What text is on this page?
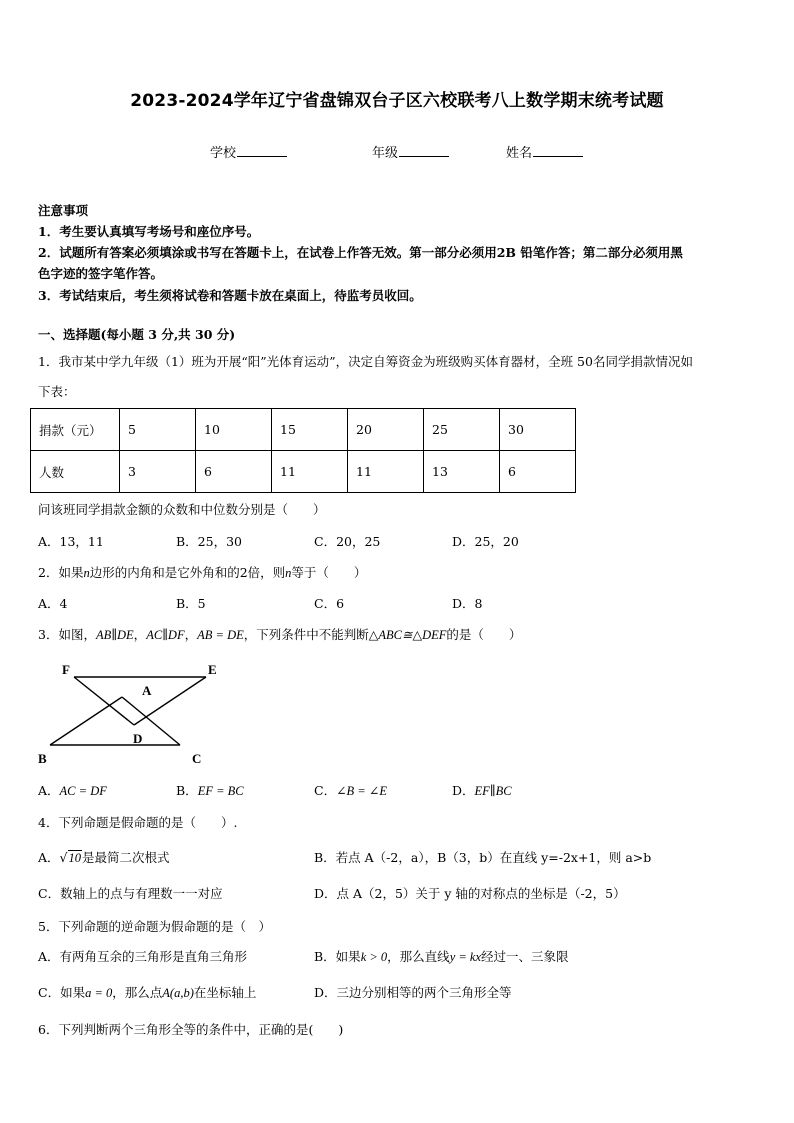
2023-2024学年辽宁省盘锦双台子区六校联考八上数学期末统考试题
学校	年级	姓名
注意事项
1．考生要认真填写考场号和座位序号。
2．试题所有答案必须填涂或书写在答题卡上，在试卷上作答无效。第一部分必须用2B 铅笔作答；第二部分必须用黑
色字迹的签字笔作答。
3．考试结束后，考生须将试卷和答题卡放在桌面上，待监考员收回。
一、选择题(每小题 3 分,共 30 分)
1．我市某中学九年级（1）班为开展“阳”光体育运动”，决定自筹资金为班级购买体育器材，全班 50名同学捐款情况如
下表：
捐款（元）	5	10	15	20	25	30
人数	3	6	11	11	13	6
问该班同学捐款金额的众数和中位数分别是（　　）
A．13，11	B．25，30	C．20，25	D．25，20
2．如果n边形的内角和是它外角和的2倍，则n等于（　　）
A．4	B．5	C．6	D．8
3．如图，AB∥DE，AC∥DF，AB = DE，下列条件中不能判断△ABC≅△DEF的是（　　）
F	E
A
D
B	C
A．AC = DF	B．EF = BC	C．∠B = ∠E	D．EF∥BC
4．下列命题是假命题的是（　　）.
A．√10是最简二次根式	B．若点 A（-2，a），B（3，b）在直线 y=-2x+1，则 a>b
C．数轴上的点与有理数一一对应	D．点 A（2，5）关于 y 轴的对称点的坐标是（-2，5）
5．下列命题的逆命题为假命题的是（　）
A．有两角互余的三角形是直角三角形	B．如果k > 0，那么直线y = kx经过一、三象限
C．如果a = 0，那么点A(a,b)在坐标轴上	D．三边分别相等的两个三角形全等
6．下列判断两个三角形全等的条件中，正确的是(　　)
